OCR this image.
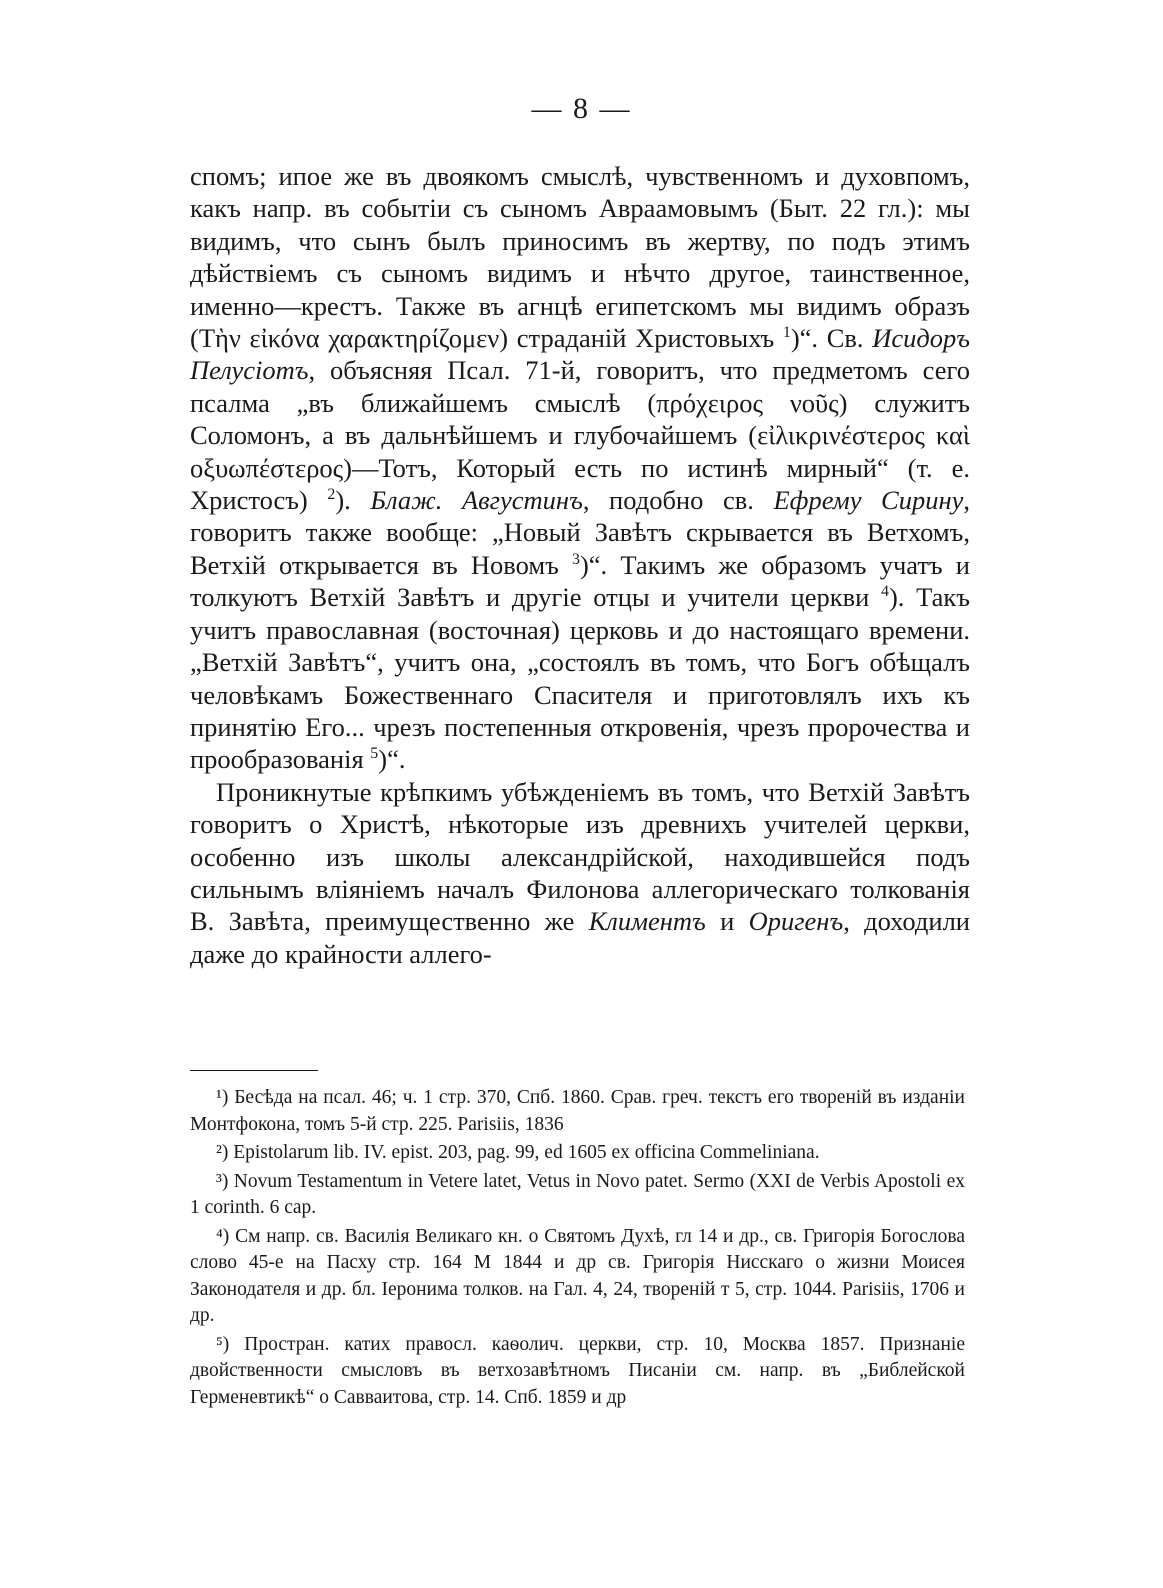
— 8 —

спомъ; ипое же въ двоякомъ смыслѣ, чувственномъ и духовпомъ, какъ напр. въ событіи съ сыномъ Авраамовымъ (Быт. 22 гл.): мы видимъ, что сынъ былъ приносимъ въ жертву, по подъ этимъ дѣйствіемъ съ сыномъ видимъ и нѣчто другое, таинственное, именно—крестъ. Также въ агнцѣ египетскомъ мы видимъ образъ (Τὴν εἰκόνα χαρακτηρίζομεν) страданій Христовыхъ $^1$)“. Св. Исидоръ Пелусіотъ, объясняя Псал. 71-й, говоритъ, что предметомъ сего псалма „въ ближайшемъ смыслѣ (πρόχειρος νοῦς) служитъ Соломонъ, а въ дальнѣйшемъ и глубочайшемъ (εἰλικρινέστερος καὶ οξυωπέστερος)—Тотъ, Который есть по истинѣ мирный“ (т. е. Христосъ) $^2$). Блаж. Августинъ, подобно св. Ефрему Сирину, говоритъ также вообще: „Новый Завѣтъ скрывается въ Ветхомъ, Ветхій открывается въ Новомъ $^3$)“. Такимъ же образомъ учатъ и толкуютъ Ветхій Завѣтъ и другіе отцы и учители церкви $^4$). Такъ учитъ православная (восточная) церковь и до настоящаго времени. „Ветхій Завѣтъ“, учитъ она, „состоялъ въ томъ, что Богъ обѣщалъ человѣкамъ Божественнаго Спасителя и приготовлялъ ихъ къ принятію Его... чрезъ постепенныя откровенія, чрезъ пророчества и прообразованія $^5$)“.

Проникнутые крѣпкимъ убѣжденіемъ въ томъ, что Ветхій Завѣтъ говоритъ о Христѣ, нѣкоторые изъ древнихъ учителей церкви, особенно изъ школы александрійской, находившейся подъ сильнымъ вліяніемъ началъ Филонова аллегорическаго толкованія В. Завѣта, преимущественно же Климентъ и Оригенъ, доходили даже до крайности аллего-

¹) Бесѣда на псал. 46; ч. 1 стр. 370, Спб. 1860. Срав. греч. текстъ его твореній въ изданіи Монтфокона, томъ 5-й стр. 225. Parisiis, 1836

²) Epistolarum lib. IV. epist. 203, pag. 99, ed 1605 ex officina Commeliniana.

³) Novum Testamentum in Vetere latet, Vetus in Novo patet. Sermo (XXI de Verbis Apostoli ex 1 corinth. 6 cap.

⁴) См напр. св. Василія Великаго кн. о Святомъ Духѣ, гл 14 и др., св. Григорія Богослова слово 45-е на Пасху стр. 164 М 1844 и др св. Григорія Нисскаго о жизни Моисея Законодателя и др. бл. Іеронима толков. на Гал. 4, 24, твореній т 5, стр. 1044. Parisiis, 1706 и др.

⁵) Простран. катих правосл. каѳолич. церкви, стр. 10, Москва 1857. Признаніе двойственности смысловъ въ ветхозавѣтномъ Писаніи см. напр. въ „Библейской Герменевтикѣ“ о Савваитова, стр. 14. Спб. 1859 и др
